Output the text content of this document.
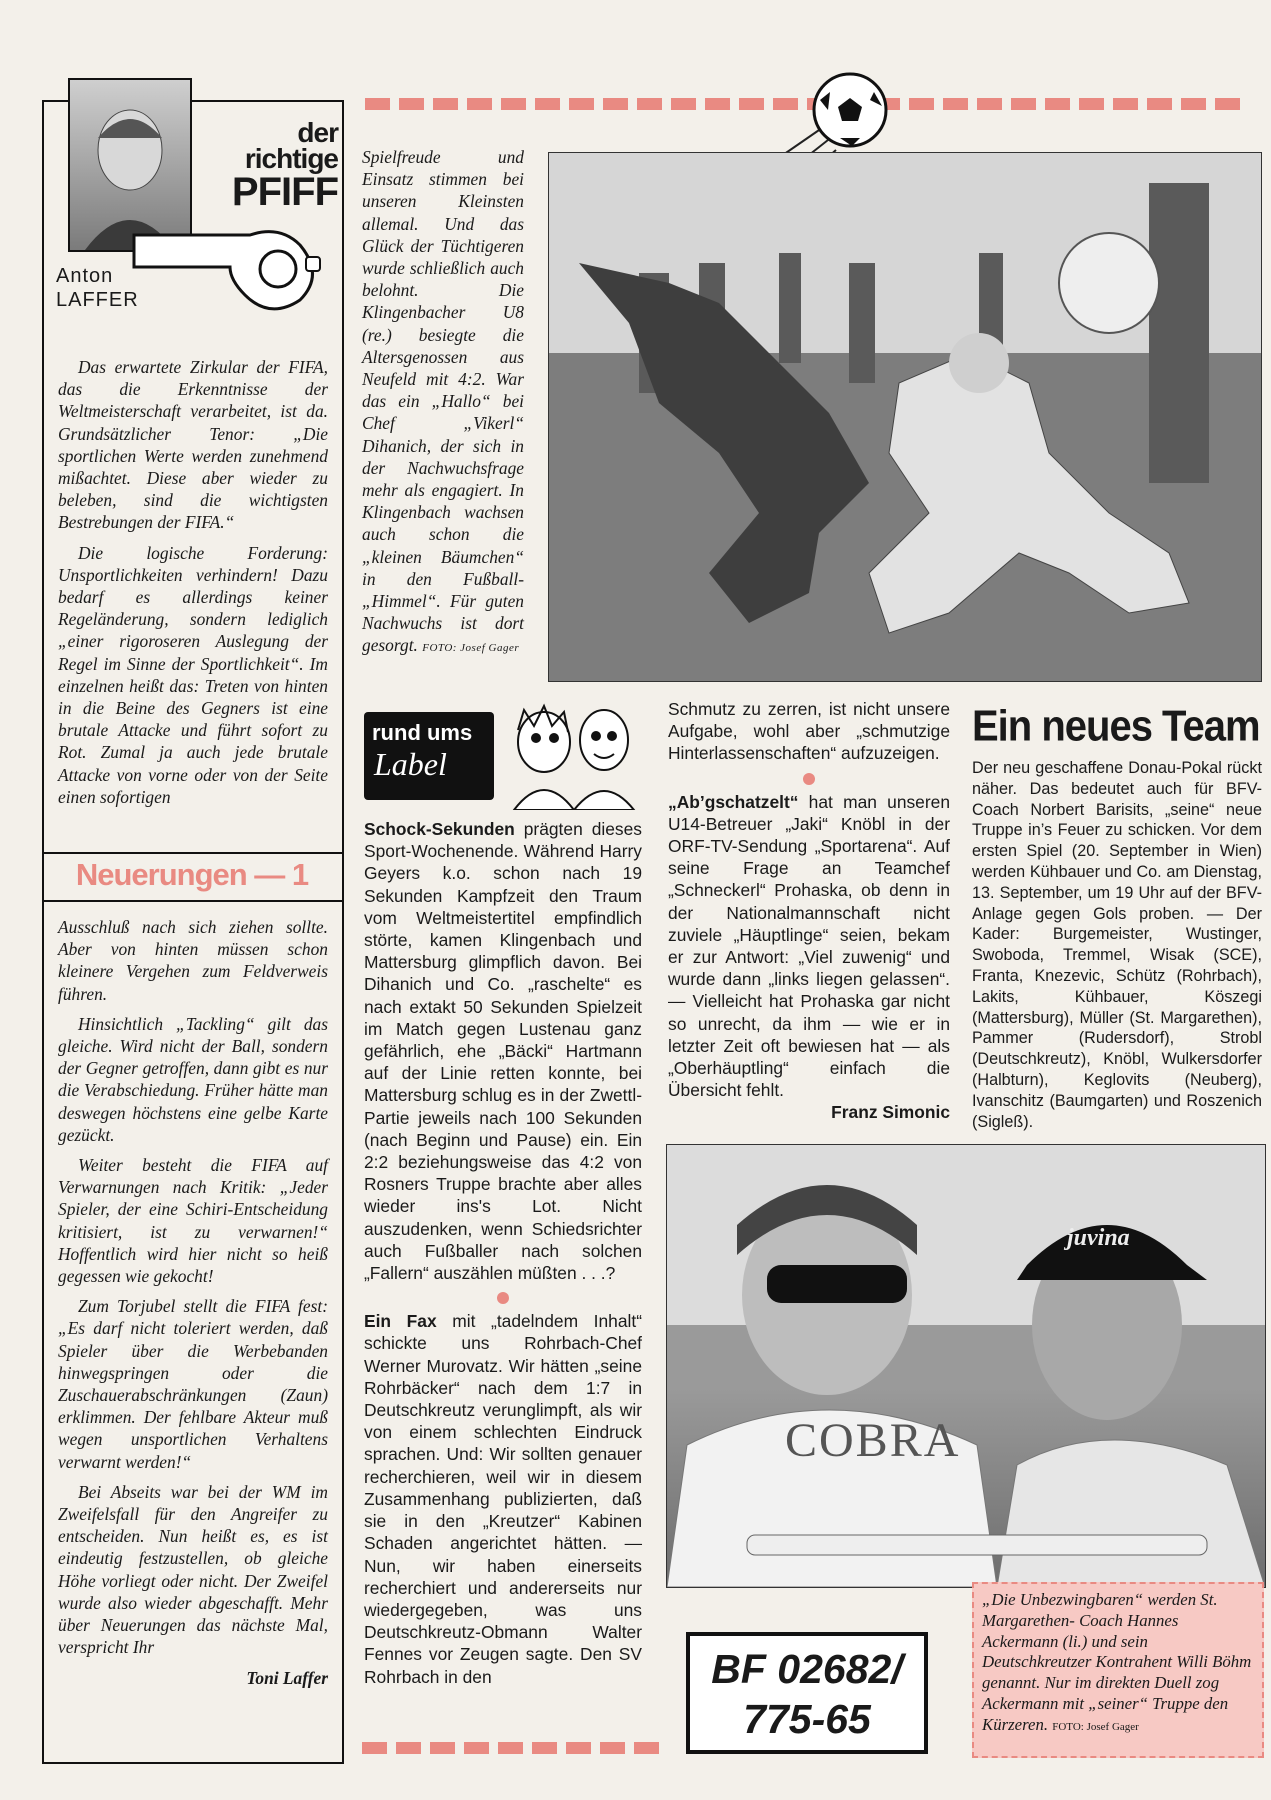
Anton
LAFFER
der
richtige
PFIFF

Das erwartete Zirkular der FIFA, das die Erkenntnisse der Weltmeisterschaft verarbeitet, ist da. Grundsätzlicher Tenor: „Die sportlichen Werte werden zunehmend mißachtet. Diese aber wieder zu beleben, sind die wichtigsten Bestrebungen der FIFA.“

Die logische Forderung: Unsportlichkeiten verhindern! Dazu bedarf es allerdings keiner Regeländerung, sondern lediglich „einer rigoroseren Auslegung der Regel im Sinne der Sportlichkeit“. Im einzelnen heißt das: Treten von hinten in die Beine des Gegners ist eine brutale Attacke und führt sofort zu Rot. Zumal ja auch jede brutale Attacke von vorne oder von der Seite einen sofortigen

Neuerungen — 1

Ausschluß nach sich ziehen sollte. Aber von hinten müssen schon kleinere Vergehen zum Feldverweis führen.

Hinsichtlich „Tackling“ gilt das gleiche. Wird nicht der Ball, sondern der Gegner getroffen, dann gibt es nur die Verabschiedung. Früher hätte man deswegen höchstens eine gelbe Karte gezückt.

Weiter besteht die FIFA auf Verwarnungen nach Kritik: „Jeder Spieler, der eine Schiri-Entscheidung kritisiert, ist zu verwarnen!“ Hoffentlich wird hier nicht so heiß gegessen wie gekocht!

Zum Torjubel stellt die FIFA fest: „Es darf nicht toleriert werden, daß Spieler über die Werbebanden hinwegspringen oder die Zuschauerabschränkungen (Zaun) erklimmen. Der fehlbare Akteur muß wegen unsportlichen Verhaltens verwarnt werden!“

Bei Abseits war bei der WM im Zweifelsfall für den Angreifer zu entscheiden. Nun heißt es, es ist eindeutig festzustellen, ob gleiche Höhe vorliegt oder nicht. Der Zweifel wurde also wieder abgeschafft. Mehr über Neuerungen das nächste Mal, verspricht Ihr

Toni Laffer
Spielfreude und Einsatz stimmen bei unseren Kleinsten allemal. Und das Glück der Tüchtigeren wurde schließlich auch belohnt. Die Klingenbacher U8 (re.) besiegte die Altersgenossen aus Neufeld mit 4:2. War das ein „Hallo“ bei Chef „Vikerl“ Dihanich, der sich in der Nachwuchsfrage mehr als engagiert. In Klingenbach wachsen auch schon die „kleinen Bäumchen“ in den Fußball-„Himmel“. Für guten Nachwuchs ist dort gesorgt. FOTO: Josef Gager
rund ums
Label

Schock-Sekunden prägten dieses Sport-Wochenende. Während Harry Geyers k.o. schon nach 19 Sekunden Kampfzeit den Traum vom Weltmeistertitel empfindlich störte, kamen Klingenbach und Mattersburg glimpflich davon. Bei Dihanich und Co. „raschelte“ es nach extakt 50 Sekunden Spielzeit im Match gegen Lustenau ganz gefährlich, ehe „Bäcki“ Hartmann auf der Linie retten konnte, bei Mattersburg schlug es in der Zwettl-Partie jeweils nach 100 Sekunden (nach Beginn und Pause) ein. Ein 2:2 beziehungsweise das 4:2 von Rosners Truppe brachte aber alles wieder ins's Lot. Nicht auszudenken, wenn Schiedsrichter auch Fußballer nach solchen „Fallern“ auszählen müßten . . .?

Ein Fax mit „tadelndem Inhalt“ schickte uns Rohrbach-Chef Werner Murovatz. Wir hätten „seine Rohrbäcker“ nach dem 1:7 in Deutschkreutz verunglimpft, als wir von einem schlechten Eindruck sprachen. Und: Wir sollten genauer recherchieren, weil wir in diesem Zusammenhang publizierten, daß sie in den „Kreutzer“ Kabinen Schaden angerichtet hätten. — Nun, wir haben einerseits recherchiert und andererseits nur wiedergegeben, was uns Deutschkreutz-Obmann Walter Fennes vor Zeugen sagte. Den SV Rohrbach in den

Schmutz zu zerren, ist nicht unsere Aufgabe, wohl aber „schmutzige Hinterlassenschaften“ aufzuzeigen.

„Ab’gschatzelt“ hat man unseren U14-Betreuer „Jaki“ Knöbl in der ORF-TV-Sendung „Sportarena“. Auf seine Frage an Teamchef „Schneckerl“ Prohaska, ob denn in der Nationalmannschaft nicht zuviele „Häuptlinge“ seien, bekam er zur Antwort: „Viel zuwenig“ und wurde dann „links liegen gelassen“. — Vielleicht hat Prohaska gar nicht so unrecht, da ihm — wie er in letzter Zeit oft bewiesen hat — als „Oberhäuptling“ einfach die Übersicht fehlt.

Franz Simonic
Ein neues Team
Der neu geschaffene Donau-Pokal rückt näher. Das bedeutet auch für BFV-Coach Norbert Barisits, „seine“ neue Truppe in’s Feuer zu schicken. Vor dem ersten Spiel (20. September in Wien) werden Kühbauer und Co. am Dienstag, 13. September, um 19 Uhr auf der BFV-Anlage gegen Gols proben. — Der Kader: Burgemeister, Wustinger, Swoboda, Tremmel, Wisak (SCE), Franta, Knezevic, Schütz (Rohrbach), Lakits, Kühbauer, Köszegi (Mattersburg), Müller (St. Margarethen), Pammer (Rudersdorf), Strobl (Deutschkreutz), Knöbl, Wulkersdorfer (Halbturn), Keglovits (Neuberg), Ivanschitz (Baumgarten) und Roszenich (Sigleß).
COBRA
juvina
BF 02682/
775-65
„Die Unbezwingbaren“ werden St. Margarethen- Coach Hannes Ackermann (li.) und sein Deutschkreutzer Kontrahent Willi Böhm genannt. Nur im direkten Duell zog Ackermann mit „seiner“ Truppe den Kürzeren. FOTO: Josef Gager
